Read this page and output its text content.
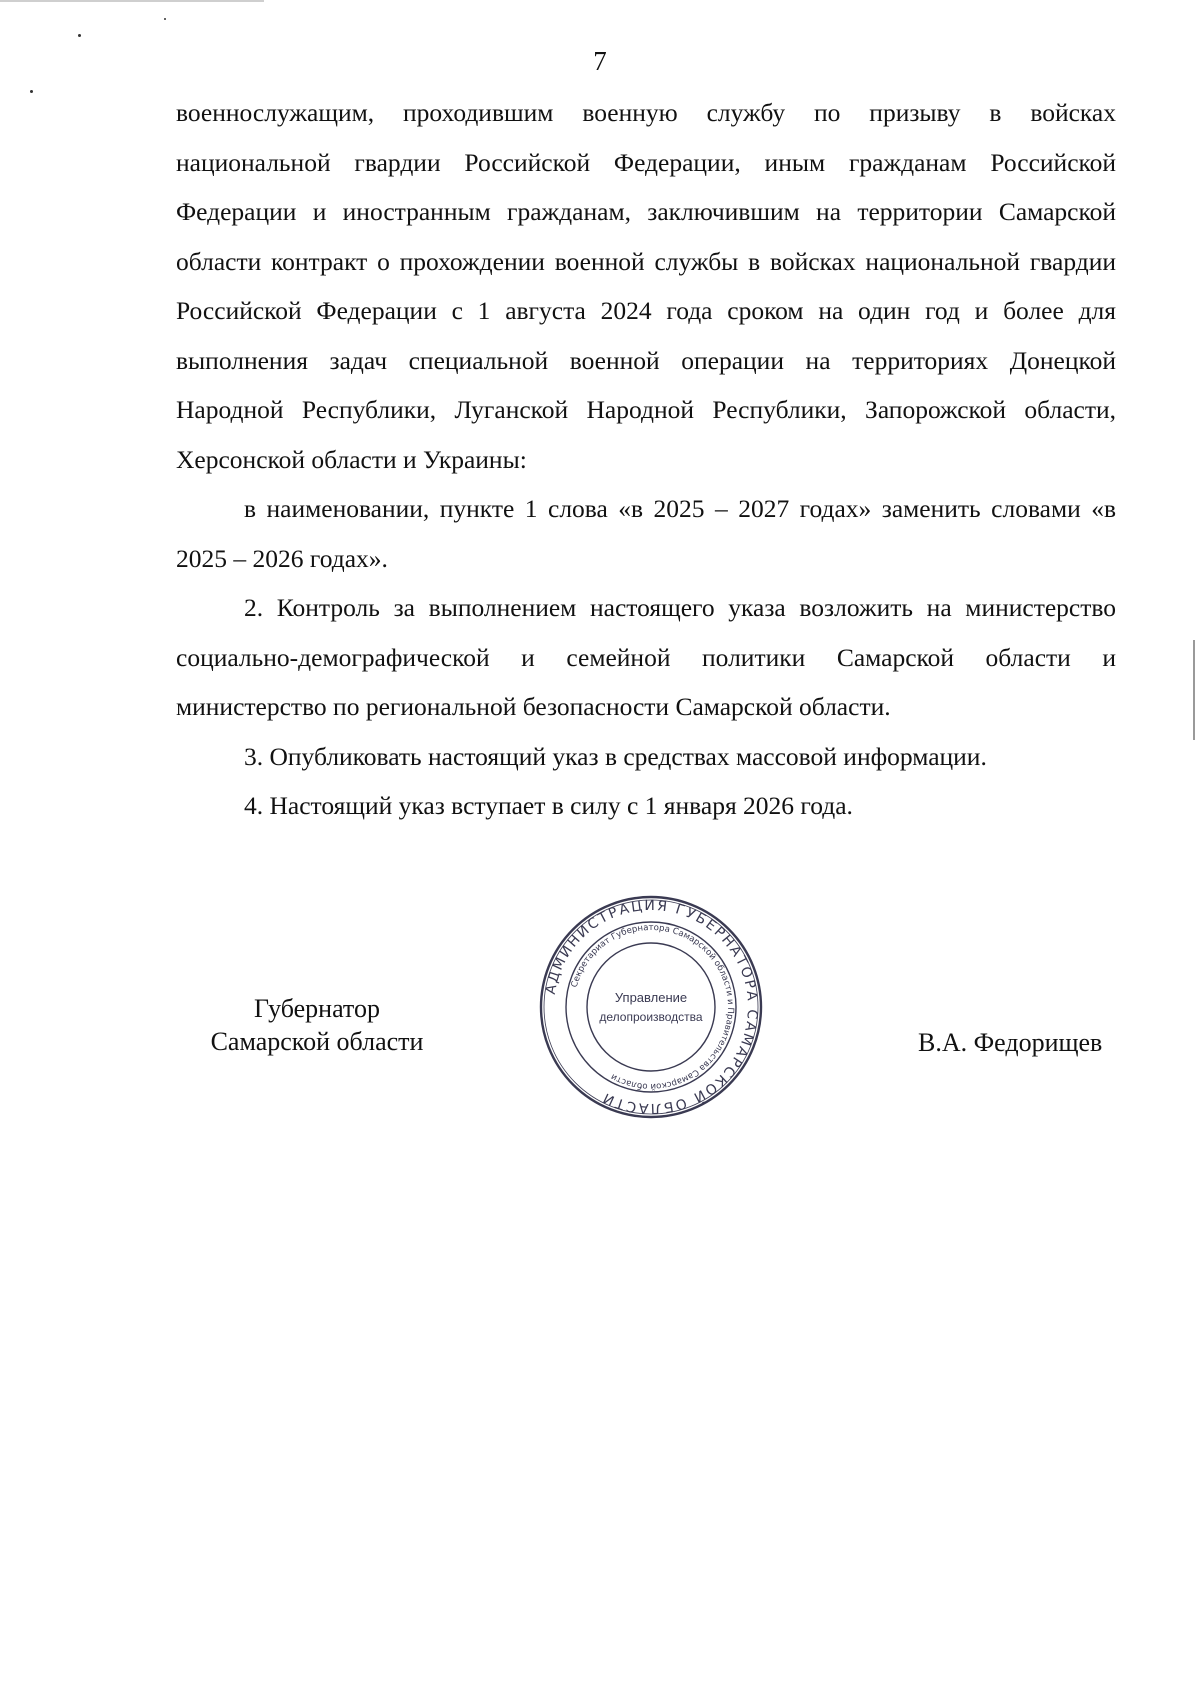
7

военнослужащим, проходившим военную службу по призыву в войсках национальной гвардии Российской Федерации, иным гражданам Российской Федерации и иностранным гражданам, заключившим на территории Самарской области контракт о прохождении военной службы в войсках национальной гвардии Российской Федерации с 1 августа 2024 года сроком на один год и более для выполнения задач специальной военной операции на территориях Донецкой Народной Республики, Луганской Народной Республики, Запорожской области, Херсонской области и Украины:

в наименовании, пункте 1 слова «в 2025 – 2027 годах» заменить словами «в 2025 – 2026 годах».

2. Контроль за выполнением настоящего указа возложить на министерство социально-демографической и семейной политики Самарской области и министерство по региональной безопасности Самарской области.

3. Опубликовать настоящий указ в средствах массовой информации.

4. Настоящий указ вступает в силу с 1 января 2026 года.

Губернатор
Самарской области
АДМИНИСТРАЦИЯ ГУБЕРНАТОРА САМАРСКОЙ ОБЛАСТИ
Секретариат Губернатора Самарской области и Правительства Самарской области
Управление
делопроизводства
В.А. Федорищев
